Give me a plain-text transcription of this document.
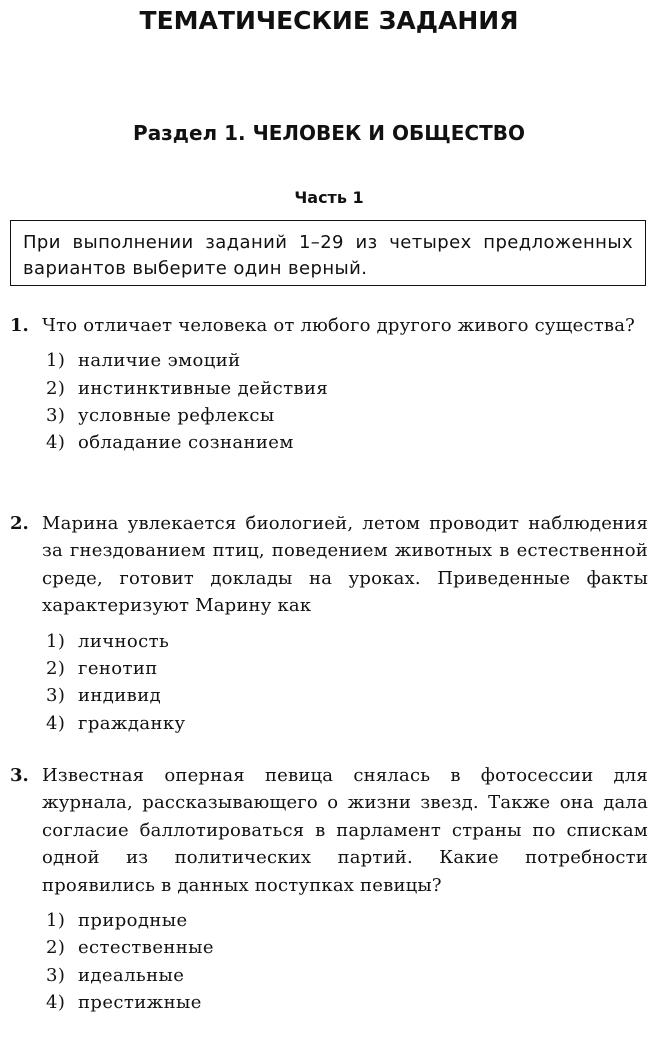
ТЕМАТИЧЕСКИЕ ЗАДАНИЯ
Раздел 1. ЧЕЛОВЕК И ОБЩЕСТВО
Часть 1
При выполнении заданий 1–29 из четырех предложенных вариантов выберите один верный.
1. Что отличает человека от любого другого живого существа?
1) наличие эмоций
2) инстинктивные действия
3) условные рефлексы
4) обладание сознанием
2. Марина увлекается биологией, летом проводит наблюдения за гнездованием птиц, поведением животных в естественной среде, готовит доклады на уроках. Приведенные факты характеризуют Марину как
1) личность
2) генотип
3) индивид
4) гражданку
3. Известная оперная певица снялась в фотосессии для журнала, рассказывающего о жизни звезд. Также она дала согласие баллотироваться в парламент страны по спискам одной из политических партий. Какие потребности проявились в данных поступках певицы?
1) природные
2) естественные
3) идеальные
4) престижные
